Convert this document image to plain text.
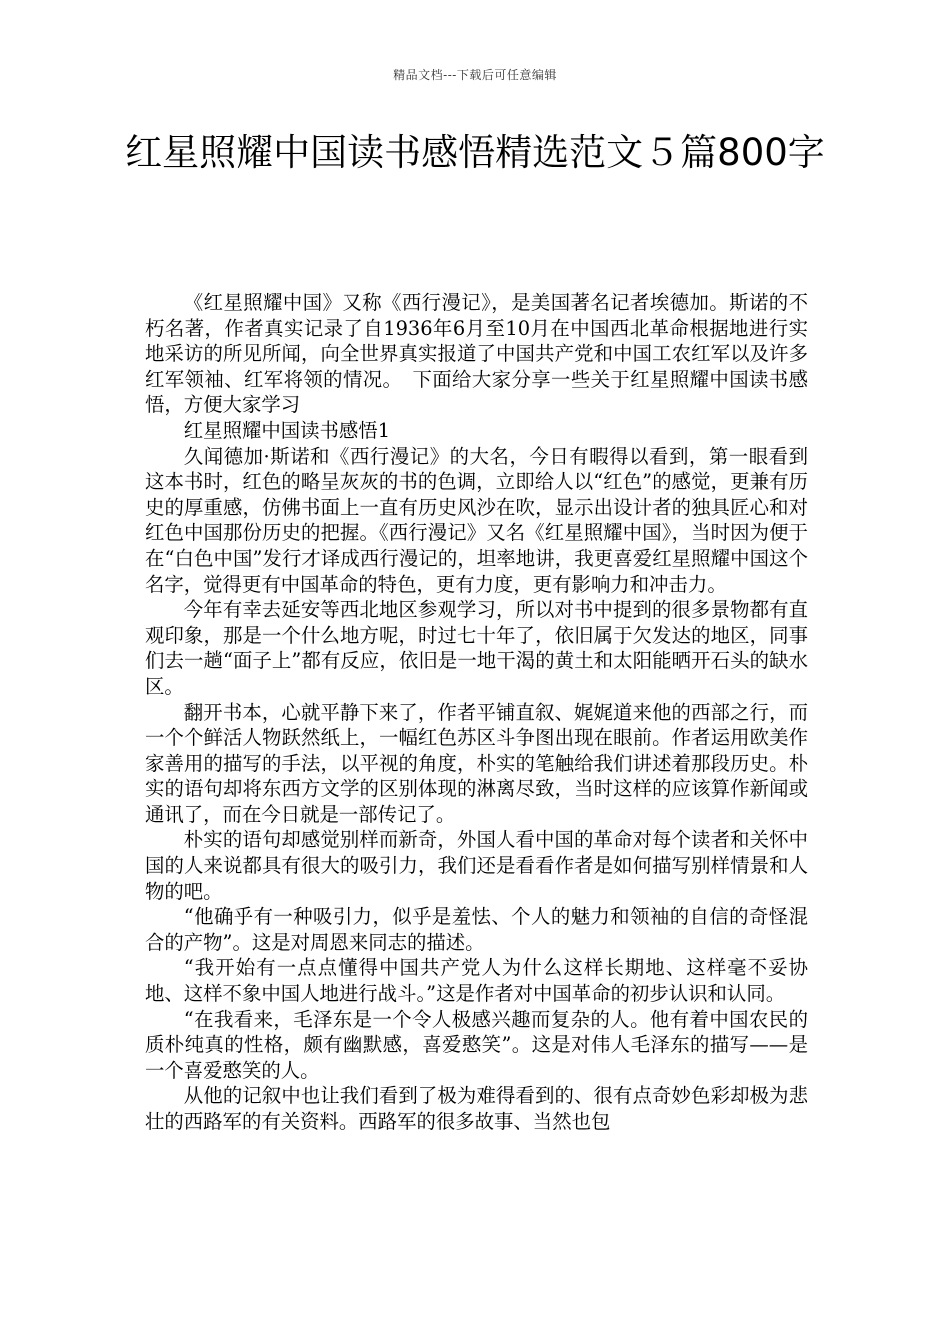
精品文档---下载后可任意编辑
红星照耀中国读书感悟精选范文５篇800字

《红星照耀中国》又称《西行漫记》，是美国著名记者埃德加。斯诺的不朽名著，作者真实记录了自1936年6月至10月在中国西北革命根据地进行实地采访的所见所闻，向全世界真实报道了中国共产党和中国工农红军以及许多红军领袖、红军将领的情况。　下面给大家分享一些关于红星照耀中国读书感悟，方便大家学习

红星照耀中国读书感悟1

久闻德加·斯诺和《西行漫记》的大名，今日有暇得以看到，第一眼看到这本书时，红色的略呈灰灰的书的色调，立即给人以“红色”的感觉，更兼有历史的厚重感，仿佛书面上一直有历史风沙在吹，显示出设计者的独具匠心和对红色中国那份历史的把握。《西行漫记》又名《红星照耀中国》，当时因为便于在“白色中国”发行才译成西行漫记的，坦率地讲，我更喜爱红星照耀中国这个名字，觉得更有中国革命的特色，更有力度，更有影响力和冲击力。

今年有幸去延安等西北地区参观学习，所以对书中提到的很多景物都有直观印象，那是一个什么地方呢，时过七十年了，依旧属于欠发达的地区，同事们去一趟“面子上”都有反应，依旧是一地干渴的黄土和太阳能晒开石头的缺水区。

翻开书本，心就平静下来了，作者平铺直叙、娓娓道来他的西部之行，而一个个鲜活人物跃然纸上，一幅红色苏区斗争图出现在眼前。作者运用欧美作家善用的描写的手法，以平视的角度，朴实的笔触给我们讲述着那段历史。朴实的语句却将东西方文学的区别体现的淋离尽致，当时这样的应该算作新闻或通讯了，而在今日就是一部传记了。

朴实的语句却感觉别样而新奇，外国人看中国的革命对每个读者和关怀中国的人来说都具有很大的吸引力，我们还是看看作者是如何描写别样情景和人物的吧。

“他确乎有一种吸引力，似乎是羞怯、个人的魅力和领袖的自信的奇怪混合的产物”。这是对周恩来同志的描述。

“我开始有一点点懂得中国共产党人为什么这样长期地、这样毫不妥协地、这样不象中国人地进行战斗。”这是作者对中国革命的初步认识和认同。

“在我看来，毛泽东是一个令人极感兴趣而复杂的人。他有着中国农民的质朴纯真的性格，颇有幽默感，喜爱憨笑”。这是对伟人毛泽东的描写——是一个喜爱憨笑的人。

从他的记叙中也让我们看到了极为难得看到的、很有点奇妙色彩却极为悲壮的西路军的有关资料。西路军的很多故事、当然也包
